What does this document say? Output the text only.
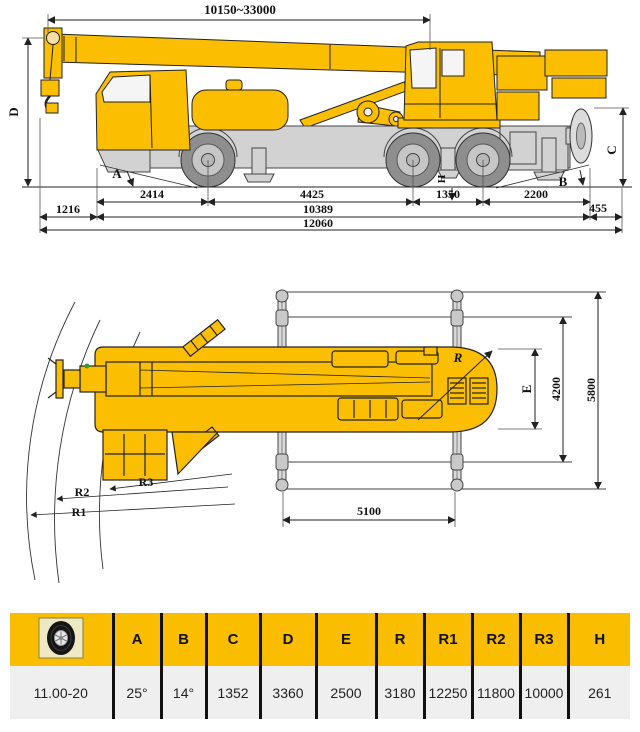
10150~33000
D
2414	4425	1350	2200
1216	10389	455
12060
A
B
C
H
E 4200 5800
R
R3
R2
R1	5100
	A	B	C	D	E	R	R1	R2	R3	H
11.00-20	25°	14°	1352	3360	2500	3180	12250	11800	10000	261
